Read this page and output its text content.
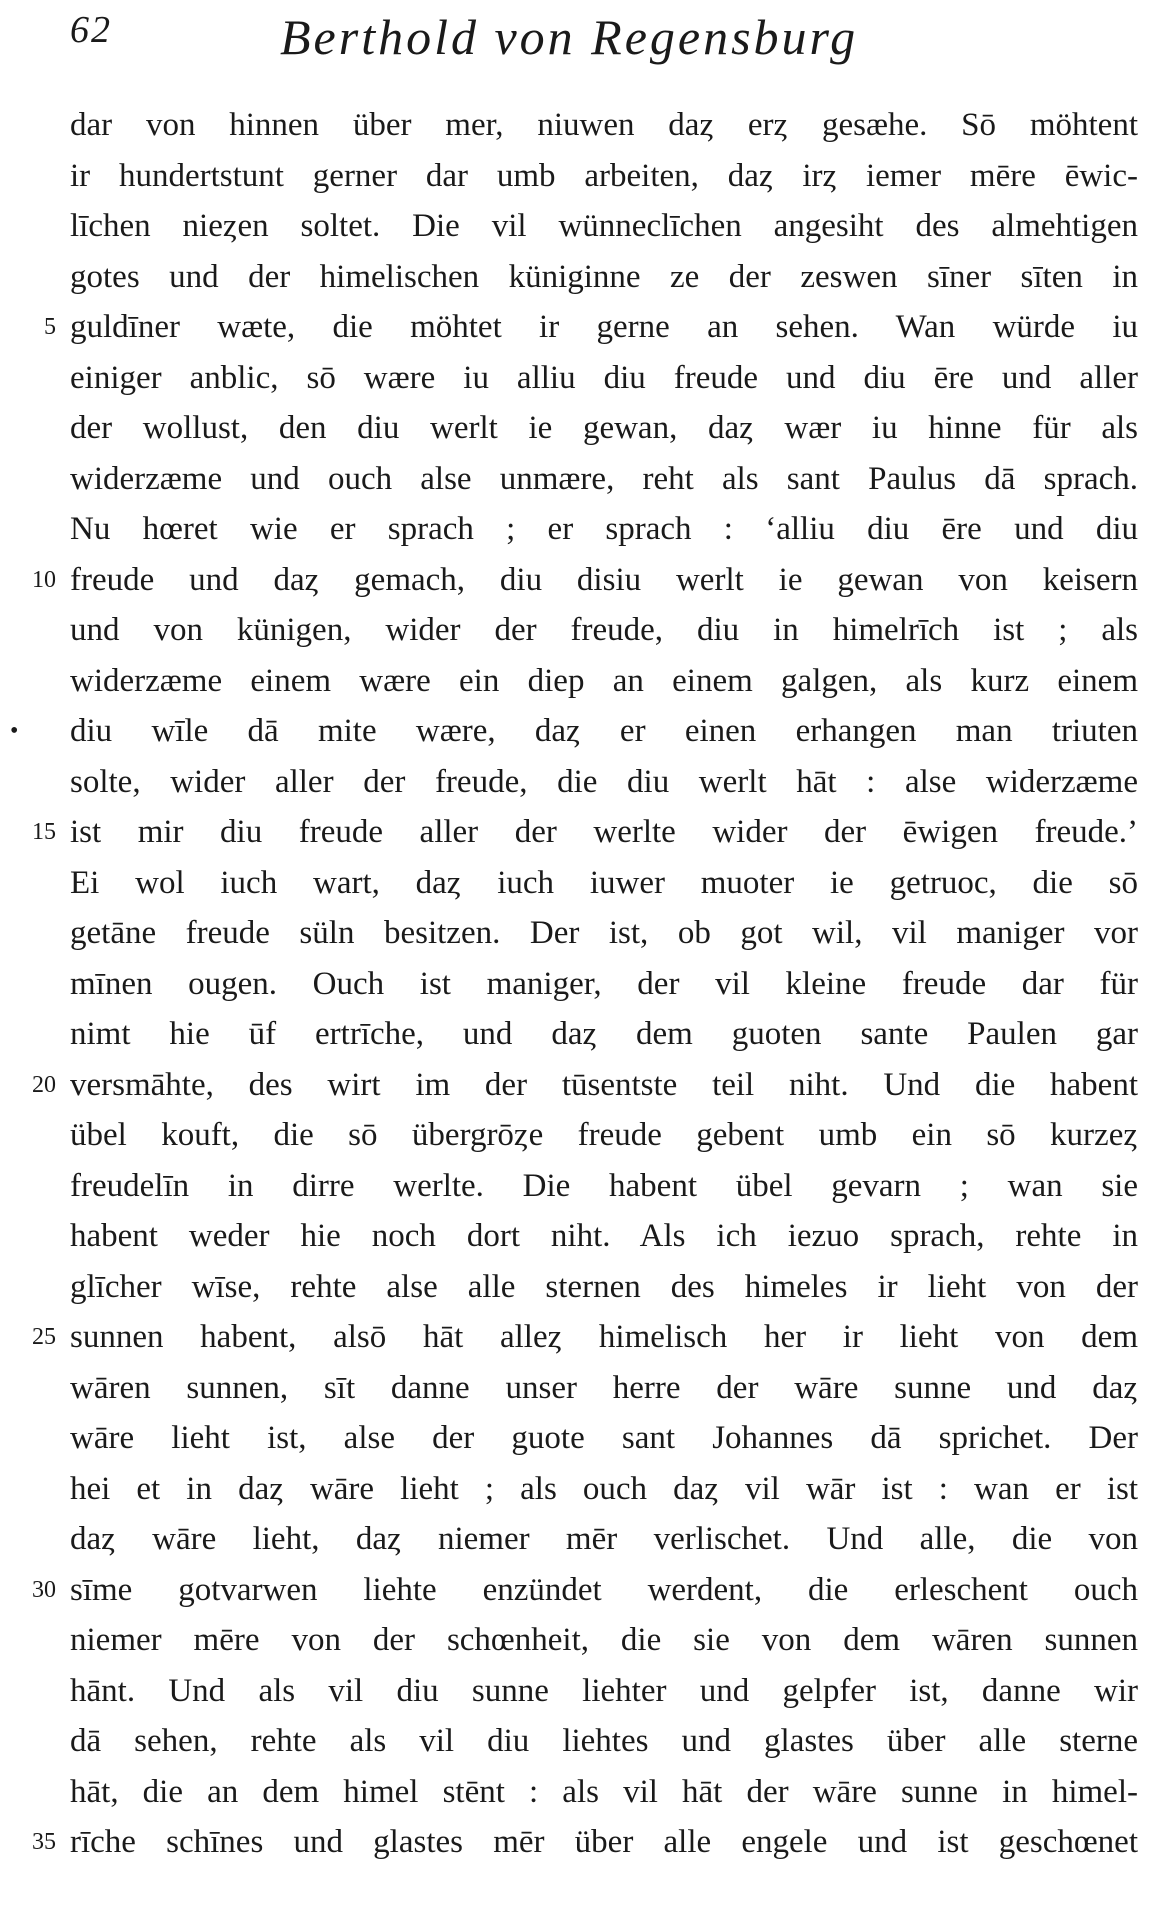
62	Berthold von Regensburg
dar von hinnen über mer, niuwen daȥ erȥ gesæhe. Sō möhtent
ir hundertstunt gerner dar umb arbeiten, daȥ irȥ iemer mēre ēwic-
līchen nieȥen soltet. Die vil wünneclīchen angesiht des almehtigen
gotes und der himelischen küniginne ze der zeswen sīner sīten in
5 guldīner wæte, die möhtet ir gerne an sehen. Wan würde iu
einiger anblic, sō wære iu alliu diu freude und diu ēre und aller
der wollust, den diu werlt ie gewan, daȥ wær iu hinne für als
widerzæme und ouch alse unmære, reht als sant Paulus dā sprach.
Nu hœret wie er sprach ; er sprach : ‘alliu diu ēre und diu
10 freude und daȥ gemach, diu disiu werlt ie gewan von keisern
und von künigen, wider der freude, diu in himelrīch ist ; als
widerzæme einem wære ein diep an einem galgen, als kurz einem
• diu wīle dā mite wære, daȥ er einen erhangen man triuten
solte, wider aller der freude, die diu werlt hāt : alse widerzæme
15 ist mir diu freude aller der werlte wider der ēwigen freude.’
Ei wol iuch wart, daȥ iuch iuwer muoter ie getruoc, die sō
getāne freude süln besitzen. Der ist, ob got wil, vil maniger vor
mīnen ougen. Ouch ist maniger, der vil kleine freude dar für
nimt hie ūf ertrīche, und daȥ dem guoten sante Paulen gar
20 versmāhte, des wirt im der tūsentste teil niht. Und die habent
übel kouft, die sō übergrōȥe freude gebent umb ein sō kurzeȥ
freudelīn in dirre werlte. Die habent übel gevarn ; wan sie
habent weder hie noch dort niht. Als ich iezuo sprach, rehte in
glīcher wīse, rehte alse alle sternen des himeles ir lieht von der
25 sunnen habent, alsō hāt alleȥ himelisch her ir lieht von dem
wāren sunnen, sīt danne unser herre der wāre sunne und daȥ
wāre lieht ist, alse der guote sant Johannes dā sprichet. Der
hei et in daȥ wāre lieht ; als ouch daȥ vil wār ist : wan er ist
daȥ wāre lieht, daȥ niemer mēr verlischet. Und alle, die von
30 sīme gotvarwen liehte enzündet werdent, die erleschent ouch
niemer mēre von der schœnheit, die sie von dem wāren sunnen
hānt. Und als vil diu sunne liehter und gelpfer ist, danne wir
dā sehen, rehte als vil diu liehtes und glastes über alle sterne
hāt, die an dem himel stēnt : als vil hāt der wāre sunne in himel-
35 rīche schīnes und glastes mēr über alle engele und ist geschœnet
